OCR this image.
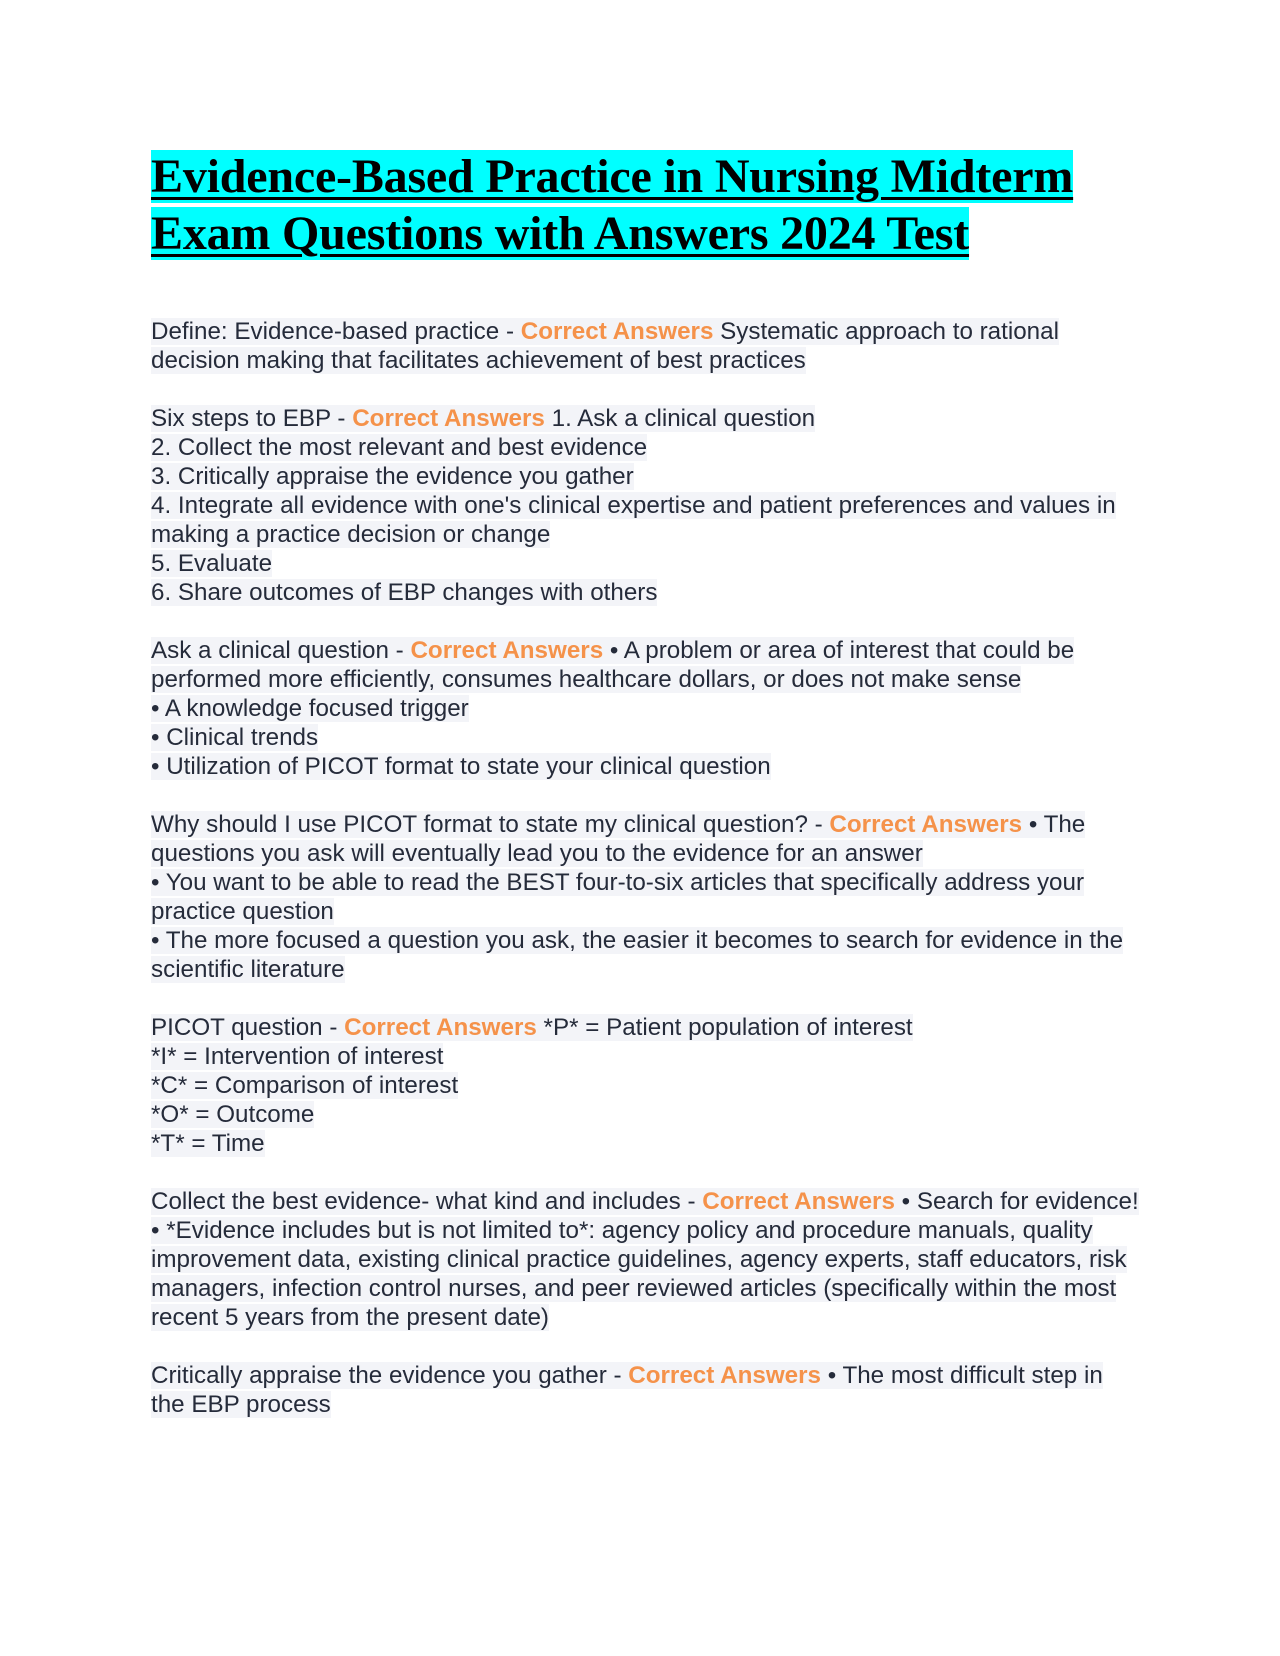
Evidence-Based Practice in Nursing Midterm Exam Questions with Answers 2024 Test
Define: Evidence-based practice - Correct Answers Systematic approach to rational decision making that facilitates achievement of best practices
Six steps to EBP - Correct Answers 1. Ask a clinical question
2. Collect the most relevant and best evidence
3. Critically appraise the evidence you gather
4. Integrate all evidence with one's clinical expertise and patient preferences and values in making a practice decision or change
5. Evaluate
6. Share outcomes of EBP changes with others
Ask a clinical question - Correct Answers • A problem or area of interest that could be performed more efficiently, consumes healthcare dollars, or does not make sense
• A knowledge focused trigger
• Clinical trends
• Utilization of PICOT format to state your clinical question
Why should I use PICOT format to state my clinical question? - Correct Answers • The questions you ask will eventually lead you to the evidence for an answer
• You want to be able to read the BEST four-to-six articles that specifically address your practice question
• The more focused a question you ask, the easier it becomes to search for evidence in the scientific literature
PICOT question - Correct Answers *P* = Patient population of interest
*I* = Intervention of interest
*C* = Comparison of interest
*O* = Outcome
*T* = Time
Collect the best evidence- what kind and includes - Correct Answers • Search for evidence!
• *Evidence includes but is not limited to*: agency policy and procedure manuals, quality improvement data, existing clinical practice guidelines, agency experts, staff educators, risk managers, infection control nurses, and peer reviewed articles (specifically within the most recent 5 years from the present date)
Critically appraise the evidence you gather - Correct Answers • The most difficult step in the EBP process
